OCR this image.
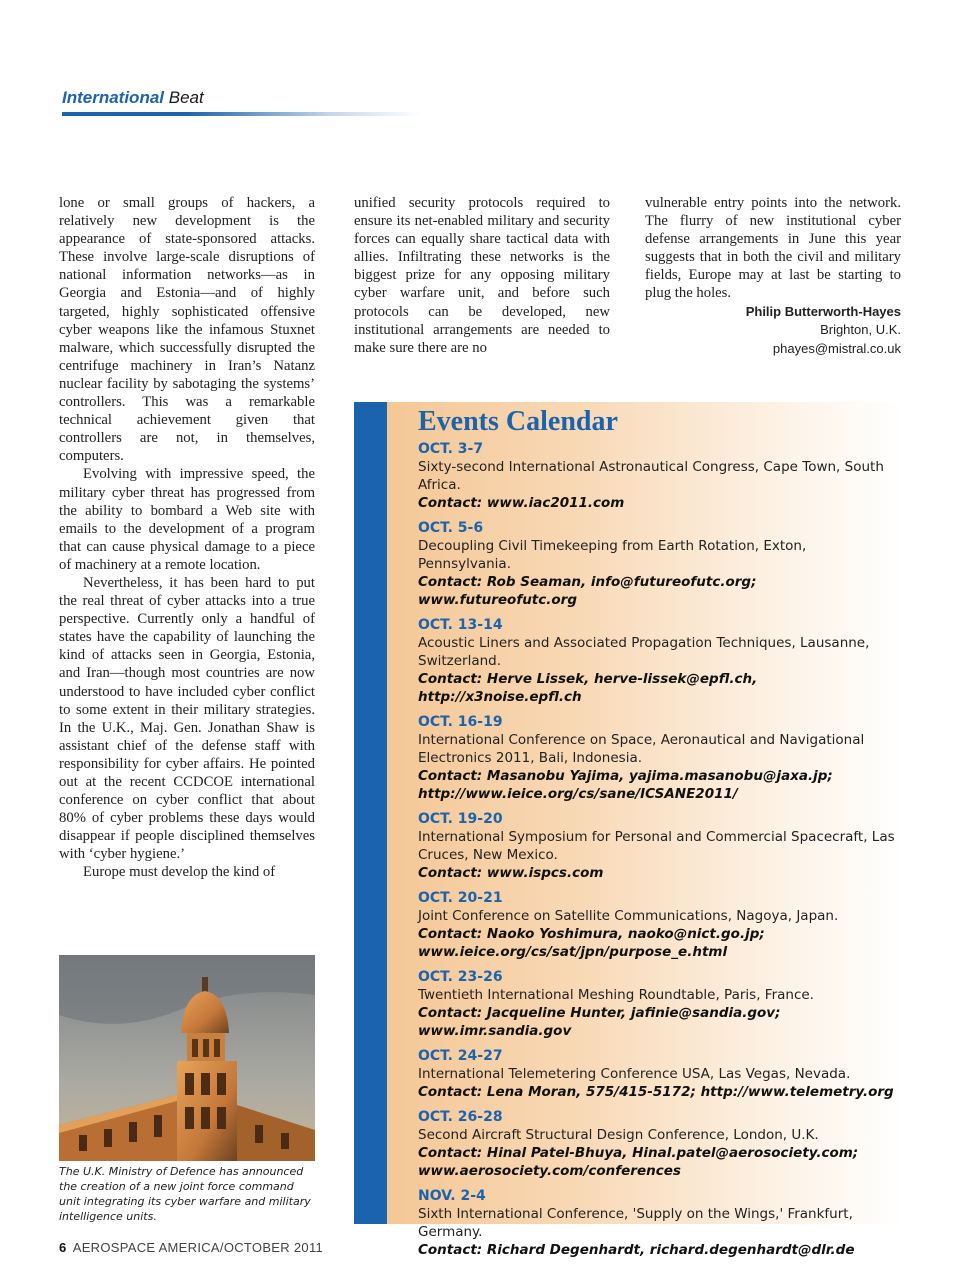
International Beat

lone or small groups of hackers, a relatively new development is the appearance of state-sponsored attacks. These involve large-scale disruptions of national information networks—as in Georgia and Estonia—and of highly targeted, highly sophisticated offensive cyber weapons like the infamous Stuxnet malware, which successfully disrupted the centrifuge machinery in Iran’s Natanz nuclear facility by sabotaging the systems’ controllers. This was a remarkable technical achievement given that controllers are not, in themselves, computers.

Evolving with impressive speed, the military cyber threat has progressed from the ability to bombard a Web site with emails to the development of a program that can cause physical damage to a piece of machinery at a remote location.

Nevertheless, it has been hard to put the real threat of cyber attacks into a true perspective. Currently only a handful of states have the capability of launching the kind of attacks seen in Georgia, Estonia, and Iran—though most countries are now understood to have included cyber conflict to some extent in their military strategies. In the U.K., Maj. Gen. Jonathan Shaw is assistant chief of the defense staff with responsibility for cyber affairs. He pointed out at the recent CCDCOE international conference on cyber conflict that about 80% of cyber problems these days would disappear if people disciplined themselves with ‘cyber hygiene.’

Europe must develop the kind of

unified security protocols required to ensure its net-enabled military and security forces can equally share tactical data with allies. Infiltrating these networks is the biggest prize for any opposing military cyber warfare unit, and before such protocols can be developed, new institutional arrangements are needed to make sure there are no

vulnerable entry points into the network. The flurry of new institutional cyber defense arrangements in June this year suggests that in both the civil and military fields, Europe may at last be starting to plug the holes.

Philip Butterworth-Hayes
Brighton, U.K.
phayes@mistral.co.uk
The U.K. Ministry of Defence has announced the creation of a new joint force command unit integrating its cyber warfare and military intelligence units.
Events Calendar
OCT. 3-7
Sixty-second International Astronautical Congress, Cape Town, South Africa.
Contact: www.iac2011.com
OCT. 5-6
Decoupling Civil Timekeeping from Earth Rotation, Exton, Pennsylvania.
Contact: Rob Seaman, info@futureofutc.org; www.futureofutc.org
OCT. 13-14
Acoustic Liners and Associated Propagation Techniques, Lausanne, Switzerland.
Contact: Herve Lissek, herve-lissek@epfl.ch, http://x3noise.epfl.ch
OCT. 16-19
International Conference on Space, Aeronautical and Navigational Electronics 2011, Bali, Indonesia.
Contact: Masanobu Yajima, yajima.masanobu@jaxa.jp; http://www.ieice.org/cs/sane/ICSANE2011/
OCT. 19-20
International Symposium for Personal and Commercial Spacecraft, Las Cruces, New Mexico.
Contact: www.ispcs.com
OCT. 20-21
Joint Conference on Satellite Communications, Nagoya, Japan.
Contact: Naoko Yoshimura, naoko@nict.go.jp; www.ieice.org/cs/sat/jpn/purpose_e.html
OCT. 23-26
Twentieth International Meshing Roundtable, Paris, France.
Contact: Jacqueline Hunter, jafinie@sandia.gov; www.imr.sandia.gov
OCT. 24-27
International Telemetering Conference USA, Las Vegas, Nevada.
Contact: Lena Moran, 575/415-5172; http://www.telemetry.org
OCT. 26-28
Second Aircraft Structural Design Conference, London, U.K.
Contact: Hinal Patel-Bhuya, Hinal.patel@aerosociety.com; www.aerosociety.com/conferences
NOV. 2-4
Sixth International Conference, 'Supply on the Wings,' Frankfurt, Germany.
Contact: Richard Degenhardt, richard.degenhardt@dlr.de
6 AEROSPACE AMERICA/OCTOBER 2011
